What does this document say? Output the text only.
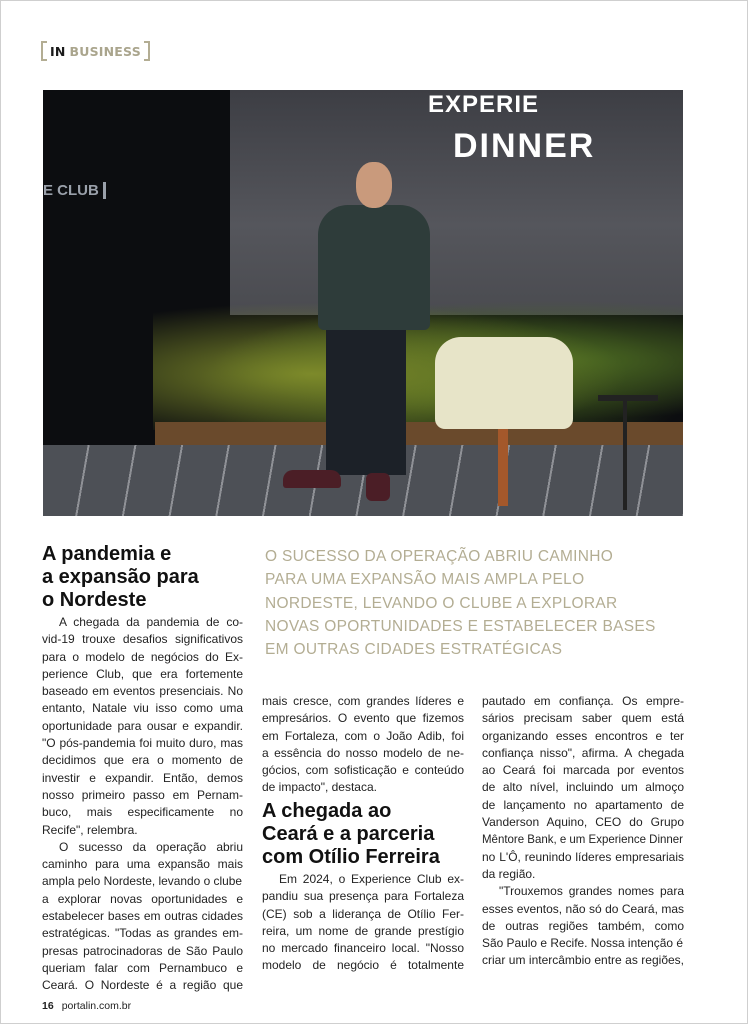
IN BUSINESS
EXPERIE
DINNER
E CLUB
A pandemia e
a expansão para
o Nordeste
O SUCESSO DA OPERAÇÃO ABRIU CAMINHO
PARA UMA EXPANSÃO MAIS AMPLA PELO
NORDESTE, LEVANDO O CLUBE A EXPLORAR
NOVAS OPORTUNIDADES E ESTABELECER BASES
EM OUTRAS CIDADES ESTRATÉGICAS
A chegada da pandemia de co-
vid-19 trouxe desafios significativos
para o modelo de negócios do Ex-
perience Club, que era fortemente
baseado em eventos presenciais. No
entanto, Natale viu isso como uma
oportunidade para ousar e expandir.
"O pós-pandemia foi muito duro, mas
decidimos que era o momento de
investir e expandir. Então, demos
nosso primeiro passo em Pernam-
buco, mais especificamente no
Recife", relembra.
O sucesso da operação abriu
caminho para uma expansão mais
ampla pelo Nordeste, levando o clube
a explorar novas oportunidades e
estabelecer bases em outras cidades
estratégicas. "Todas as grandes em-
presas patrocinadoras de São Paulo
queriam falar com Pernambuco e
Ceará. O Nordeste é a região que
mais cresce, com grandes líderes e
empresários. O evento que fizemos
em Fortaleza, com o João Adib, foi
a essência do nosso modelo de ne-
gócios, com sofisticação e conteúdo
de impacto", destaca.
A chegada ao
Ceará e a parceria
com Otílio Ferreira
Em 2024, o Experience Club ex-
pandiu sua presença para Fortaleza
(CE) sob a liderança de Otílio Fer-
reira, um nome de grande prestígio
no mercado financeiro local. "Nosso
modelo de negócio é totalmente
pautado em confiança. Os empre-
sários precisam saber quem está
organizando esses encontros e ter
confiança nisso", afirma. A chegada
ao Ceará foi marcada por eventos
de alto nível, incluindo um almoço
de lançamento no apartamento de
Vanderson Aquino, CEO do Grupo
Mêntore Bank, e um Experience Dinner
no L'Ô, reunindo líderes empresariais
da região.
"Trouxemos grandes nomes para
esses eventos, não só do Ceará, mas
de outras regiões também, como
São Paulo e Recife. Nossa intenção é
criar um intercâmbio entre as regiões,
16 portalin.com.br
